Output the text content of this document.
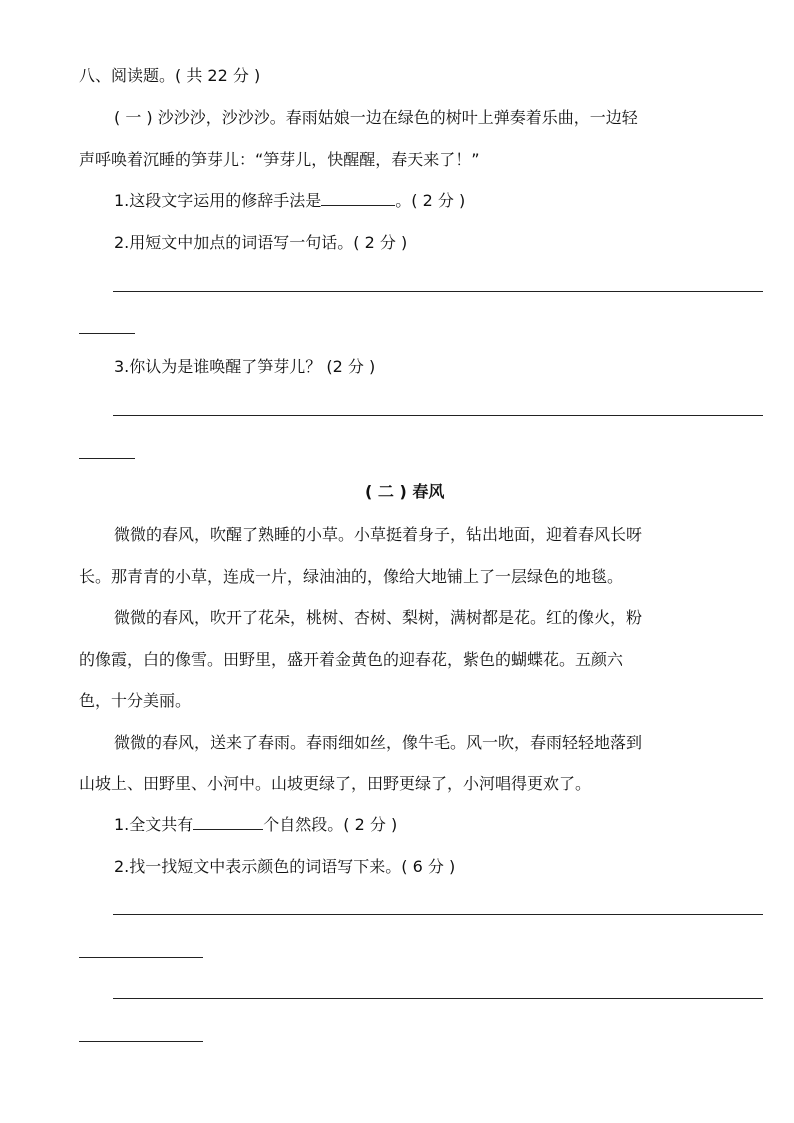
八、阅读题。( 共 22 分 )
( 一 ) 沙沙沙，沙沙沙。春雨姑娘一边在绿色的树叶上弹奏着乐曲，一边轻
声呼唤着沉睡的笋芽儿：“笋芽儿，快醒醒，春天来了！”
1.这段文字运用的修辞手法是	。( 2 分 )
2.用短文中加点的词语写一句话。( 2 分 )
3.你认为是谁唤醒了笋芽儿？ (2 分 )
( 二 ) 春风
微微的春风，吹醒了熟睡的小草。小草挺着身子，钻出地面，迎着春风长呀
长。那青青的小草，连成一片，绿油油的，像给大地铺上了一层绿色的地毯。
微微的春风，吹开了花朵，桃树、杏树、梨树，满树都是花。红的像火，粉
的像霞，白的像雪。田野里，盛开着金黄色的迎春花，紫色的蝴蝶花。五颜六
色，十分美丽。
微微的春风，送来了春雨。春雨细如丝，像牛毛。风一吹，春雨轻轻地落到
山坡上、田野里、小河中。山坡更绿了，田野更绿了，小河唱得更欢了。
1.全文共有	个自然段。( 2 分 )
2.找一找短文中表示颜色的词语写下来。( 6 分 )
